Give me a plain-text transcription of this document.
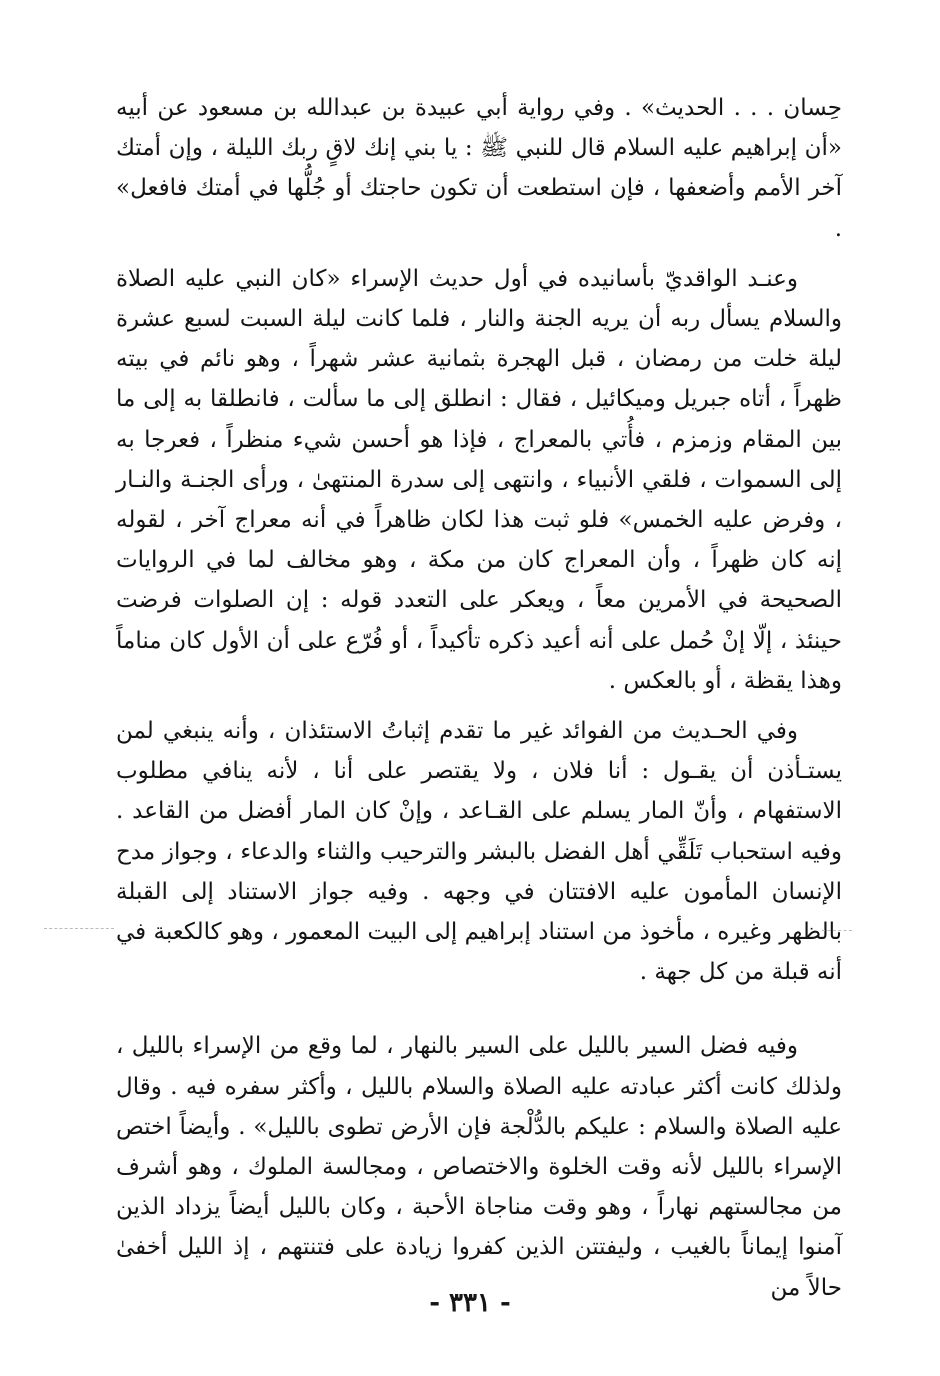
حِسان . . . الحديث» . وفي رواية أبي عبيدة بن عبدالله بن مسعود عن أبيه «أن إبراهيم عليه السلام قال للنبي ﷺ : يا بني إنك لاقٍ ربك الليلة ، وإن أمتك آخر الأمم وأضعفها ، فإن استطعت أن تكون حاجتك أو جُلُّها في أمتك فافعل» .

وعنـد الواقديّ بأسانيده في أول حديث الإسراء «كان النبي عليه الصلاة والسلام يسأل ربه أن يريه الجنة والنار ، فلما كانت ليلة السبت لسبع عشرة ليلة خلت من رمضان ، قبل الهجرة بثمانية عشر شهراً ، وهو نائم في بيته ظهراً ، أتاه جبريل وميكائيل ، فقال : انطلق إلى ما سألت ، فانطلقا به إلى ما بين المقام وزمزم ، فأُتي بالمعراج ، فإذا هو أحسن شيء منظراً ، فعرجا به إلى السموات ، فلقي الأنبياء ، وانتهى إلى سدرة المنتهىٰ ، ورأى الجنـة والنـار ، وفرض عليه الخمس» فلو ثبت هذا لكان ظاهراً في أنه معراج آخر ، لقوله إنه كان ظهراً ، وأن المعراج كان من مكة ، وهو مخالف لما في الروايات الصحيحة في الأمرين معاً ، ويعكر على التعدد قوله : إن الصلوات فرضت حينئذ ، إلّا إنْ حُمل على أنه أعيد ذكره تأكيداً ، أو فُرّع على أن الأول كان مناماً وهذا يقظة ، أو بالعكس .

وفي الحـديث من الفوائد غير ما تقدم إثباتُ الاستئذان ، وأنه ينبغي لمن يستـأذن أن يقـول : أنا فلان ، ولا يقتصر على أنا ، لأنه ينافي مطلوب الاستفهام ، وأنّ المار يسلم على القـاعد ، وإنْ كان المار أفضل من القاعد . وفيه استحباب تَلَقِّي أهل الفضل بالبشر والترحيب والثناء والدعاء ، وجواز مدح الإنسان المأمون عليه الافتتان في وجهه . وفيه جواز الاستناد إلى القبلة بالظهر وغيره ، مأخوذ من استناد إبراهيم إلى البيت المعمور ، وهو كالكعبة في أنه قبلة من كل جهة .

وفيه فضل السير بالليل على السير بالنهار ، لما وقع من الإسراء بالليل ، ولذلك كانت أكثر عبادته عليه الصلاة والسلام بالليل ، وأكثر سفره فيه . وقال عليه الصلاة والسلام : عليكم بالدُّلْجة فإن الأرض تطوى بالليل» . وأيضاً اختص الإسراء بالليل لأنه وقت الخلوة والاختصاص ، ومجالسة الملوك ، وهو أشرف من مجالستهم نهاراً ، وهو وقت مناجاة الأحبة ، وكان بالليل أيضاً يزداد الذين آمنوا إيماناً بالغيب ، وليفتتن الذين كفروا زيادة على فتنتهم ، إذ الليل أخفىٰ حالاً من

- ٣٣١ -
